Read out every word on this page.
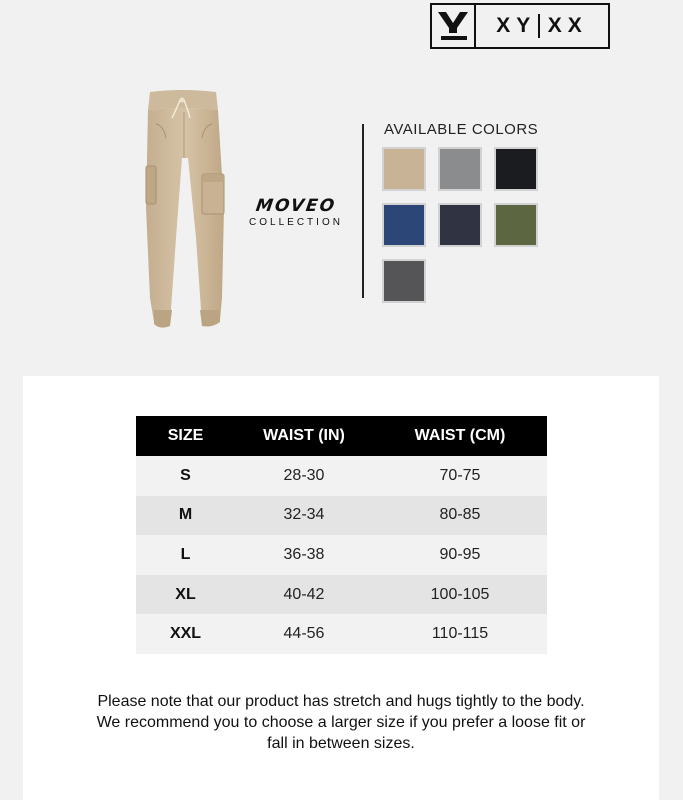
XY XX
MOVEO
COLLECTION
AVAILABLE COLORS
SIZE	WAIST (IN)	WAIST (CM)
S	28-30	70-75
M	32-34	80-85
L	36-38	90-95
XL	40-42	100-105
XXL	44-56	110-115
Please note that our product has stretch and hugs tightly to the body.
We recommend you to choose a larger size if you prefer a loose fit or
fall in between sizes.
